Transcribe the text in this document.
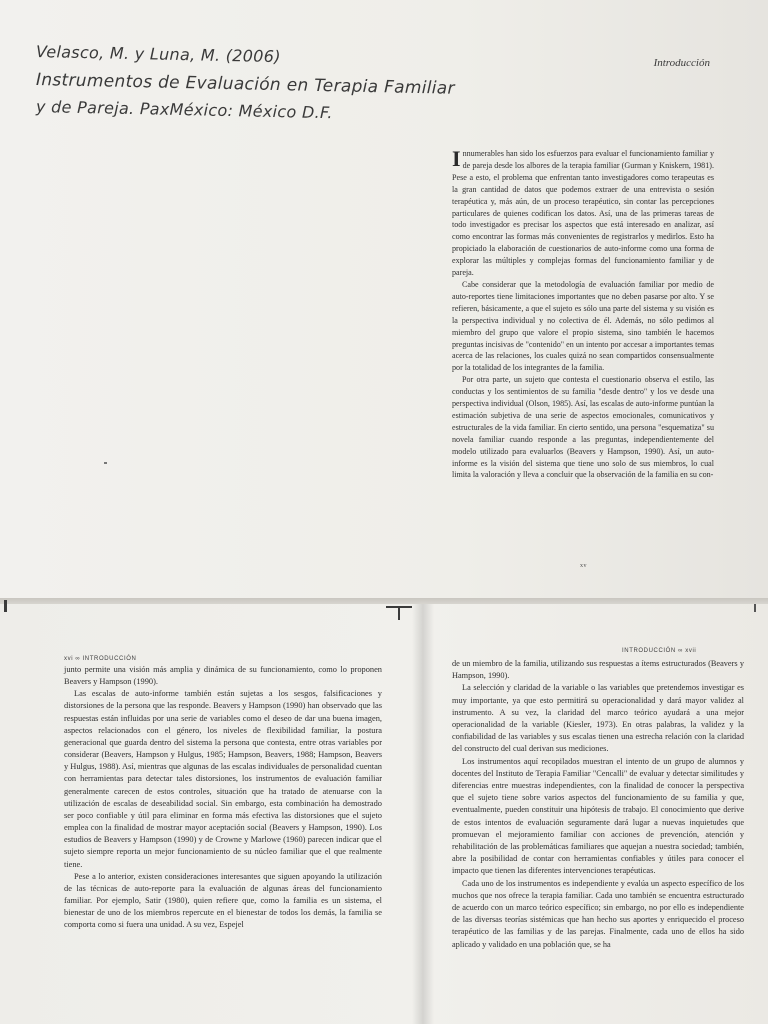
Velasco, M. y Luna, M. (2006)
Instrumentos de Evaluación en Terapia Familiar
y de Pareja. PaxMéxico: México D.F.
Introducción

Innumerables han sido los esfuerzos para evaluar el funcionamiento familiar y de pareja desde los albores de la terapia familiar (Gurman y Kniskern, 1981). Pese a esto, el problema que enfrentan tanto investigadores como terapeutas es la gran cantidad de datos que podemos extraer de una entrevista o sesión terapéutica y, más aún, de un proceso terapéutico, sin contar las percepciones particulares de quienes codifican los datos. Así, una de las primeras tareas de todo investigador es precisar los aspectos que está interesado en analizar, así como encontrar las formas más convenientes de registrarlos y medirlos. Esto ha propiciado la elaboración de cuestionarios de auto-informe como una forma de explorar las múltiples y complejas formas del funcionamiento familiar y de pareja.

Cabe considerar que la metodología de evaluación familiar por medio de auto-reportes tiene limitaciones importantes que no deben pasarse por alto. Y se refieren, básicamente, a que el sujeto es sólo una parte del sistema y su visión es la perspectiva individual y no colectiva de él. Además, no sólo pedimos al miembro del grupo que valore el propio sistema, sino también le hacemos preguntas incisivas de "contenido" en un intento por accesar a importantes temas acerca de las relaciones, los cuales quizá no sean compartidos consensualmente por la totalidad de los integrantes de la familia.

Por otra parte, un sujeto que contesta el cuestionario observa el estilo, las conductas y los sentimientos de su familia "desde dentro" y los ve desde una perspectiva individual (Olson, 1985). Así, las escalas de auto-informe puntúan la estimación subjetiva de una serie de aspectos emocionales, comunicativos y estructurales de la vida familiar. En cierto sentido, una persona "esquematiza" su novela familiar cuando responde a las preguntas, independientemente del modelo utilizado para evaluarlos (Beavers y Hampson, 1990). Así, un auto-informe es la visión del sistema que tiene uno solo de sus miembros, lo cual limita la valoración y lleva a concluir que la observación de la familia en su con-

xv
xvi ∞ INTRODUCCIÓN

junto permite una visión más amplia y dinámica de su funcionamiento, como lo proponen Beavers y Hampson (1990).

Las escalas de auto-informe también están sujetas a los sesgos, falsificaciones y distorsiones de la persona que las responde. Beavers y Hampson (1990) han observado que las respuestas están influidas por una serie de variables como el deseo de dar una buena imagen, aspectos relacionados con el género, los niveles de flexibilidad familiar, la postura generacional que guarda dentro del sistema la persona que contesta, entre otras variables por considerar (Beavers, Hampson y Hulgus, 1985; Hampson, Beavers, 1988; Hampson, Beavers y Hulgus, 1988). Así, mientras que algunas de las escalas individuales de personalidad cuentan con herramientas para detectar tales distorsiones, los instrumentos de evaluación familiar generalmente carecen de estos controles, situación que ha tratado de atenuarse con la utilización de escalas de deseabilidad social. Sin embargo, esta combinación ha demostrado ser poco confiable y útil para eliminar en forma más efectiva las distorsiones que el sujeto emplea con la finalidad de mostrar mayor aceptación social (Beavers y Hampson, 1990). Los estudios de Beavers y Hampson (1990) y de Crowne y Marlowe (1960) parecen indicar que el sujeto siempre reporta un mejor funcionamiento de su núcleo familiar que el que realmente tiene.

Pese a lo anterior, existen consideraciones interesantes que siguen apoyando la utilización de las técnicas de auto-reporte para la evaluación de algunas áreas del funcionamiento familiar. Por ejemplo, Satir (1980), quien refiere que, como la familia es un sistema, el bienestar de uno de los miembros repercute en el bienestar de todos los demás, la familia se comporta como si fuera una unidad. A su vez, Espejel

INTRODUCCIÓN ∞ xvii

de un miembro de la familia, utilizando sus respuestas a ítems estructurados (Beavers y Hampson, 1990).

La selección y claridad de la variable o las variables que pretendemos investigar es muy importante, ya que esto permitirá su operacionalidad y dará mayor validez al instrumento. A su vez, la claridad del marco teórico ayudará a una mejor operacionalidad de la variable (Kiesler, 1973). En otras palabras, la validez y la confiabilidad de las variables y sus escalas tienen una estrecha relación con la claridad del constructo del cual derivan sus mediciones.

Los instrumentos aquí recopilados muestran el intento de un grupo de alumnos y docentes del Instituto de Terapia Familiar "Cencalli" de evaluar y detectar similitudes y diferencias entre muestras independientes, con la finalidad de conocer la perspectiva que el sujeto tiene sobre varios aspectos del funcionamiento de su familia y que, eventualmente, pueden constituir una hipótesis de trabajo. El conocimiento que derive de estos intentos de evaluación seguramente dará lugar a nuevas inquietudes que promuevan el mejoramiento familiar con acciones de prevención, atención y rehabilitación de las problemáticas familiares que aquejan a nuestra sociedad; también, abre la posibilidad de contar con herramientas confiables y útiles para conocer el impacto que tienen las diferentes intervenciones terapéuticas.

Cada uno de los instrumentos es independiente y evalúa un aspecto específico de los muchos que nos ofrece la terapia familiar. Cada uno también se encuentra estructurado de acuerdo con un marco teórico específico; sin embargo, no por ello es independiente de las diversas teorías sistémicas que han hecho sus aportes y enriquecido el proceso terapéutico de las familias y de las parejas. Finalmente, cada uno de ellos ha sido aplicado y validado en una población que, se ha
